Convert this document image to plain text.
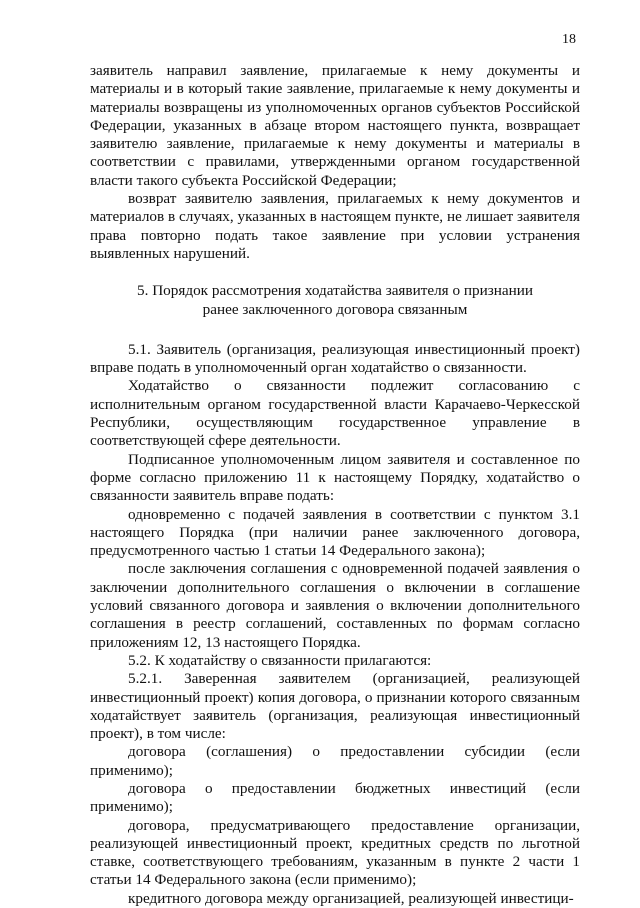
18

заявитель направил заявление, прилагаемые к нему документы и материалы и в который такие заявление, прилагаемые к нему документы и материалы возвращены из уполномоченных органов субъектов Российской Федерации, указанных в абзаце втором настоящего пункта, возвращает заявителю заявление, прилагаемые к нему документы и материалы в соответствии с правилами, утвержденными органом государственной власти такого субъекта Российской Федерации;

возврат заявителю заявления, прилагаемых к нему документов и материалов в случаях, указанных в настоящем пункте, не лишает заявителя права повторно подать такое заявление при условии устранения выявленных нарушений.

5. Порядок рассмотрения ходатайства заявителя о признании
ранее заключенного договора связанным

5.1. Заявитель (организация, реализующая инвестиционный проект) вправе подать в уполномоченный орган ходатайство о связанности.

Ходатайство о связанности подлежит согласованию с исполнительным органом государственной власти Карачаево-Черкесской Республики, осуществляющим государственное управление в соответствующей сфере деятельности.

Подписанное уполномоченным лицом заявителя и составленное по форме согласно приложению 11 к настоящему Порядку, ходатайство о связанности заявитель вправе подать:

одновременно с подачей заявления в соответствии с пунктом 3.1 настоящего Порядка (при наличии ранее заключенного договора, предусмотренного частью 1 статьи 14 Федерального закона);

после заключения соглашения с одновременной подачей заявления о заключении дополнительного соглашения о включении в соглашение условий связанного договора и заявления о включении дополнительного соглашения в реестр соглашений, составленных по формам согласно приложениям 12, 13 настоящего Порядка.

5.2. К ходатайству о связанности прилагаются:

5.2.1. Заверенная заявителем (организацией, реализующей инвестиционный проект) копия договора, о признании которого связанным ходатайствует заявитель (организация, реализующая инвестиционный проект), в том числе:

договора (соглашения) о предоставлении субсидии (если применимо);

договора о предоставлении бюджетных инвестиций (если применимо);

договора, предусматривающего предоставление организации, реализующей инвестиционный проект, кредитных средств по льготной ставке, соответствующего требованиям, указанным в пункте 2 части 1 статьи 14 Федерального закона (если применимо);

кредитного договора между организацией, реализующей инвестици-
